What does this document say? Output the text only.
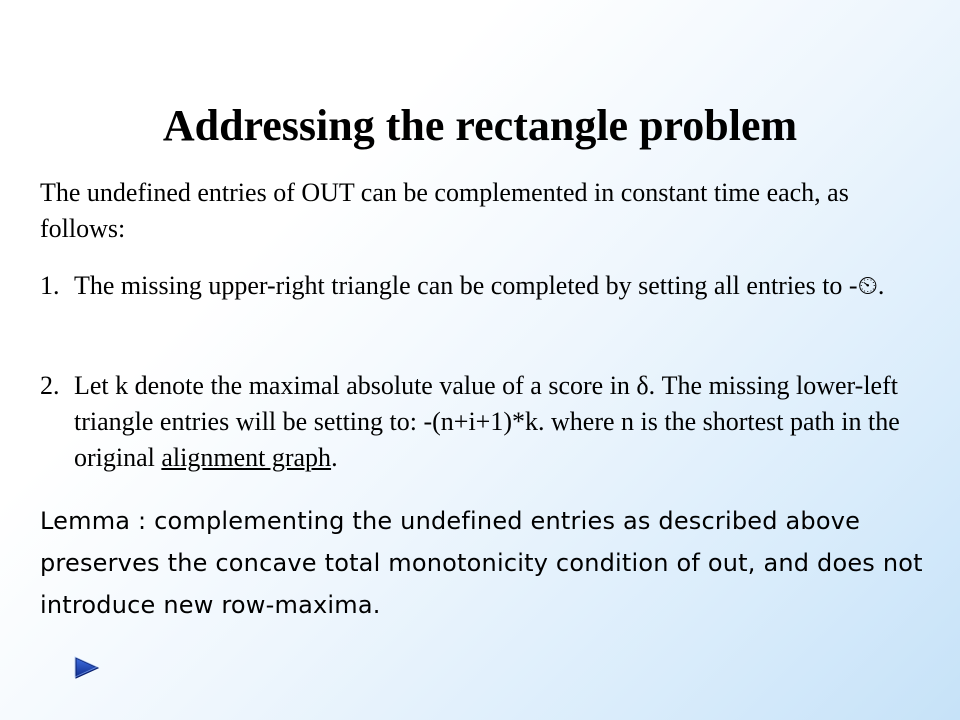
Addressing the rectangle problem
The undefined entries of OUT can be complemented in constant time each, as follows:
1. The missing upper-right triangle can be completed by setting all entries to -⏲.
2. Let k denote the maximal absolute value of a score in δ. The missing lower-left triangle entries will be setting to: -(n+i+1)*k. where n is the shortest path in the original alignment graph.
Lemma : complementing the undefined entries as described above preserves the concave total monotonicity condition of out, and does not introduce new row-maxima.
